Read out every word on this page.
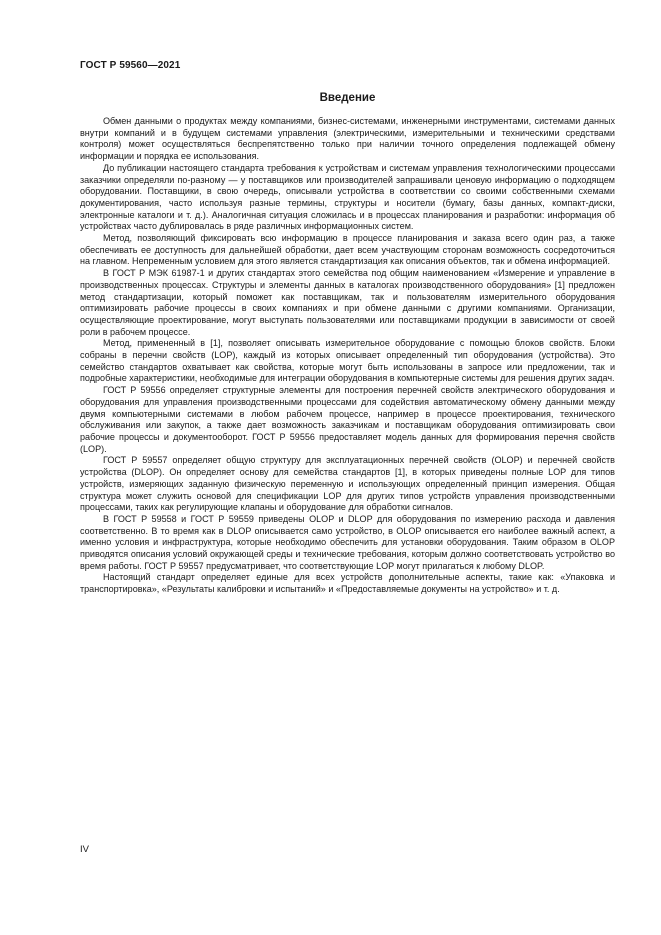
ГОСТ Р 59560—2021
Введение

Обмен данными о продуктах между компаниями, бизнес-системами, инженерными инструментами, системами данных внутри компаний и в будущем системами управления (электрическими, измерительными и техническими средствами контроля) может осуществляться беспрепятственно только при наличии точного определения подлежащей обмену информации и порядка ее использования.

До публикации настоящего стандарта требования к устройствам и системам управления технологическими процессами заказчики определяли по-разному — у поставщиков или производителей запрашивали ценовую информацию о подходящем оборудовании. Поставщики, в свою очередь, описывали устройства в соответствии со своими собственными схемами документирования, часто используя разные термины, структуры и носители (бумагу, базы данных, компакт-диски, электронные каталоги и т. д.). Аналогичная ситуация сложилась и в процессах планирования и разработки: информация об устройствах часто дублировалась в ряде различных информационных систем.

Метод, позволяющий фиксировать всю информацию в процессе планирования и заказа всего один раз, а также обеспечивать ее доступность для дальнейшей обработки, дает всем участвующим сторонам возможность сосредоточиться на главном. Непременным условием для этого является стандартизация как описания объектов, так и обмена информацией.

В ГОСТ Р МЭК 61987-1 и других стандартах этого семейства под общим наименованием «Измерение и управление в производственных процессах. Структуры и элементы данных в каталогах производственного оборудования» [1] предложен метод стандартизации, который поможет как поставщикам, так и пользователям измерительного оборудования оптимизировать рабочие процессы в своих компаниях и при обмене данными с другими компаниями. Организации, осуществляющие проектирование, могут выступать пользователями или поставщиками продукции в зависимости от своей роли в рабочем процессе.

Метод, примененный в [1], позволяет описывать измерительное оборудование с помощью блоков свойств. Блоки собраны в перечни свойств (LOP), каждый из которых описывает определенный тип оборудования (устройства). Это семейство стандартов охватывает как свойства, которые могут быть использованы в запросе или предложении, так и подробные характеристики, необходимые для интеграции оборудования в компьютерные системы для решения других задач.

ГОСТ Р 59556 определяет структурные элементы для построения перечней свойств электрического оборудования и оборудования для управления производственными процессами для содействия автоматическому обмену данными между двумя компьютерными системами в любом рабочем процессе, например в процессе проектирования, технического обслуживания или закупок, а также дает возможность заказчикам и поставщикам оборудования оптимизировать свои рабочие процессы и документооборот. ГОСТ Р 59556 предоставляет модель данных для формирования перечня свойств (LOP).

ГОСТ Р 59557 определяет общую структуру для эксплуатационных перечней свойств (OLOP) и перечней свойств устройства (DLOP). Он определяет основу для семейства стандартов [1], в которых приведены полные LOP для типов устройств, измеряющих заданную физическую переменную и использующих определенный принцип измерения. Общая структура может служить основой для спецификации LOP для других типов устройств управления производственными процессами, таких как регулирующие клапаны и оборудование для обработки сигналов.

В ГОСТ Р 59558 и ГОСТ Р 59559 приведены OLOP и DLOP для оборудования по измерению расхода и давления соответственно. В то время как в DLOP описывается само устройство, в OLOP описывается его наиболее важный аспект, а именно условия и инфраструктура, которые необходимо обеспечить для установки оборудования. Таким образом в OLOP приводятся описания условий окружающей среды и технические требования, которым должно соответствовать устройство во время работы. ГОСТ Р 59557 предусматривает, что соответствующие LOP могут прилагаться к любому DLOP.

Настоящий стандарт определяет единые для всех устройств дополнительные аспекты, такие как: «Упаковка и транспортировка», «Результаты калибровки и испытаний» и «Предоставляемые документы на устройство» и т. д.

IV
